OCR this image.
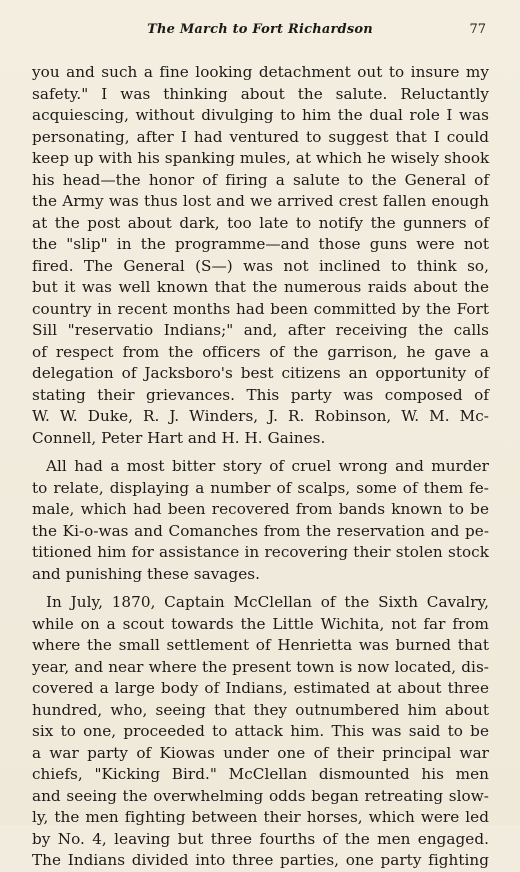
The March to Fort Richardson	77
you and such a fine looking detachment out to insure my
safety." I was thinking about the salute. Reluctantly
acquiescing, without divulging to him the dual role I was
personating, after I had ventured to suggest that I could
keep up with his spanking mules, at which he wisely shook
his head—the honor of firing a salute to the General of
the Army was thus lost and we arrived crest fallen enough
at the post about dark, too late to notify the gunners of
the "slip" in the programme—and those guns were not
fired. The General (S—) was not inclined to think so,
but it was well known that the numerous raids about the
country in recent months had been committed by the Fort
Sill "reservatio Indians;" and, after receiving the calls
of respect from the officers of the garrison, he gave a
delegation of Jacksboro's best citizens an opportunity of
stating their grievances. This party was composed of
W. W. Duke, R. J. Winders, J. R. Robinson, W. M. Mc-
Connell, Peter Hart and H. H. Gaines.
All had a most bitter story of cruel wrong and murder
to relate, displaying a number of scalps, some of them fe-
male, which had been recovered from bands known to be
the Ki-o-was and Comanches from the reservation and pe-
titioned him for assistance in recovering their stolen stock
and punishing these savages.
In July, 1870, Captain McClellan of the Sixth Cavalry,
while on a scout towards the Little Wichita, not far from
where the small settlement of Henrietta was burned that
year, and near where the present town is now located, dis-
covered a large body of Indians, estimated at about three
hundred, who, seeing that they outnumbered him about
six to one, proceeded to attack him. This was said to be
a war party of Kiowas under one of their principal war
chiefs, "Kicking Bird." McClellan dismounted his men
and seeing the overwhelming odds began retreating slow-
ly, the men fighting between their horses, which were led
by No. 4, leaving but three fourths of the men engaged.
The Indians divided into three parties, one party fighting
